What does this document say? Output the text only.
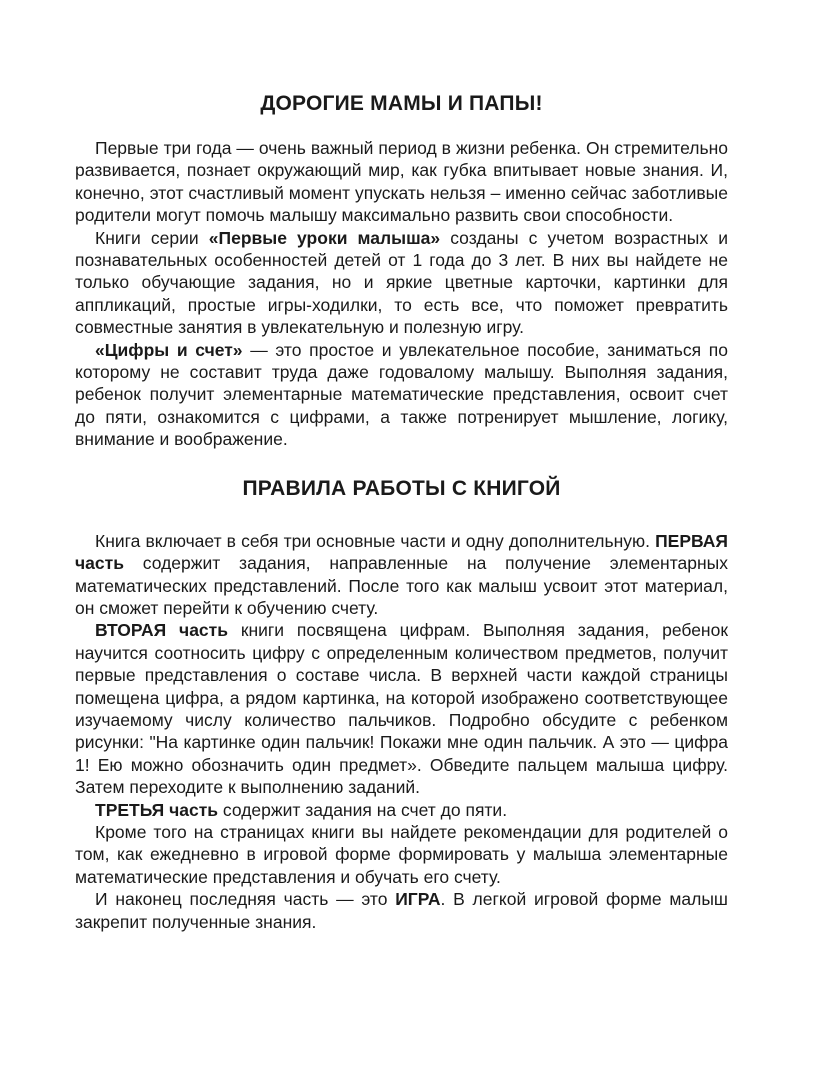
ДОРОГИЕ МАМЫ И ПАПЫ!

Первые три года — очень важный период в жизни ребенка. Он стремительно развивается, познает окружающий мир, как губка впитывает новые знания. И, конечно, этот счастливый момент упускать нельзя – именно сейчас заботливые родители могут помочь малышу максимально развить свои способности.

Книги серии «Первые уроки малыша» созданы с учетом возрастных и познавательных особенностей детей от 1 года до 3 лет. В них вы найдете не только обучающие задания, но и яркие цветные карточки, картинки для аппликаций, простые игры-ходилки, то есть все, что поможет превратить совместные занятия в увлекательную и полезную игру.

«Цифры и счет» — это простое и увлекательное пособие, заниматься по которому не составит труда даже годовалому малышу. Выполняя задания, ребенок получит элементарные математические представления, освоит счет до пяти, ознакомится с цифрами, а также потренирует мышление, логику, внимание и воображение.

ПРАВИЛА РАБОТЫ С КНИГОЙ

Книга включает в себя три основные части и одну дополнительную. ПЕРВАЯ часть содержит задания, направленные на получение элементарных математических представлений. После того как малыш усвоит этот материал, он сможет перейти к обучению счету.

ВТОРАЯ часть книги посвящена цифрам. Выполняя задания, ребенок научится соотносить цифру с определенным количеством предметов, получит первые представления о составе числа. В верхней части каждой страницы помещена цифра, а рядом картинка, на которой изображено соответствующее изучаемому числу количество пальчиков. Подробно обсудите с ребенком рисунки: "На картинке один пальчик! Покажи мне один пальчик. А это — цифра 1! Ею можно обозначить один предмет». Обведите пальцем малыша цифру. Затем переходите к выполнению заданий.

ТРЕТЬЯ часть содержит задания на счет до пяти.

Кроме того на страницах книги вы найдете рекомендации для родителей о том, как ежедневно в игровой форме формировать у малыша элементарные математические представления и обучать его счету.

И наконец последняя часть — это ИГРА. В легкой игровой форме малыш закрепит полученные знания.
